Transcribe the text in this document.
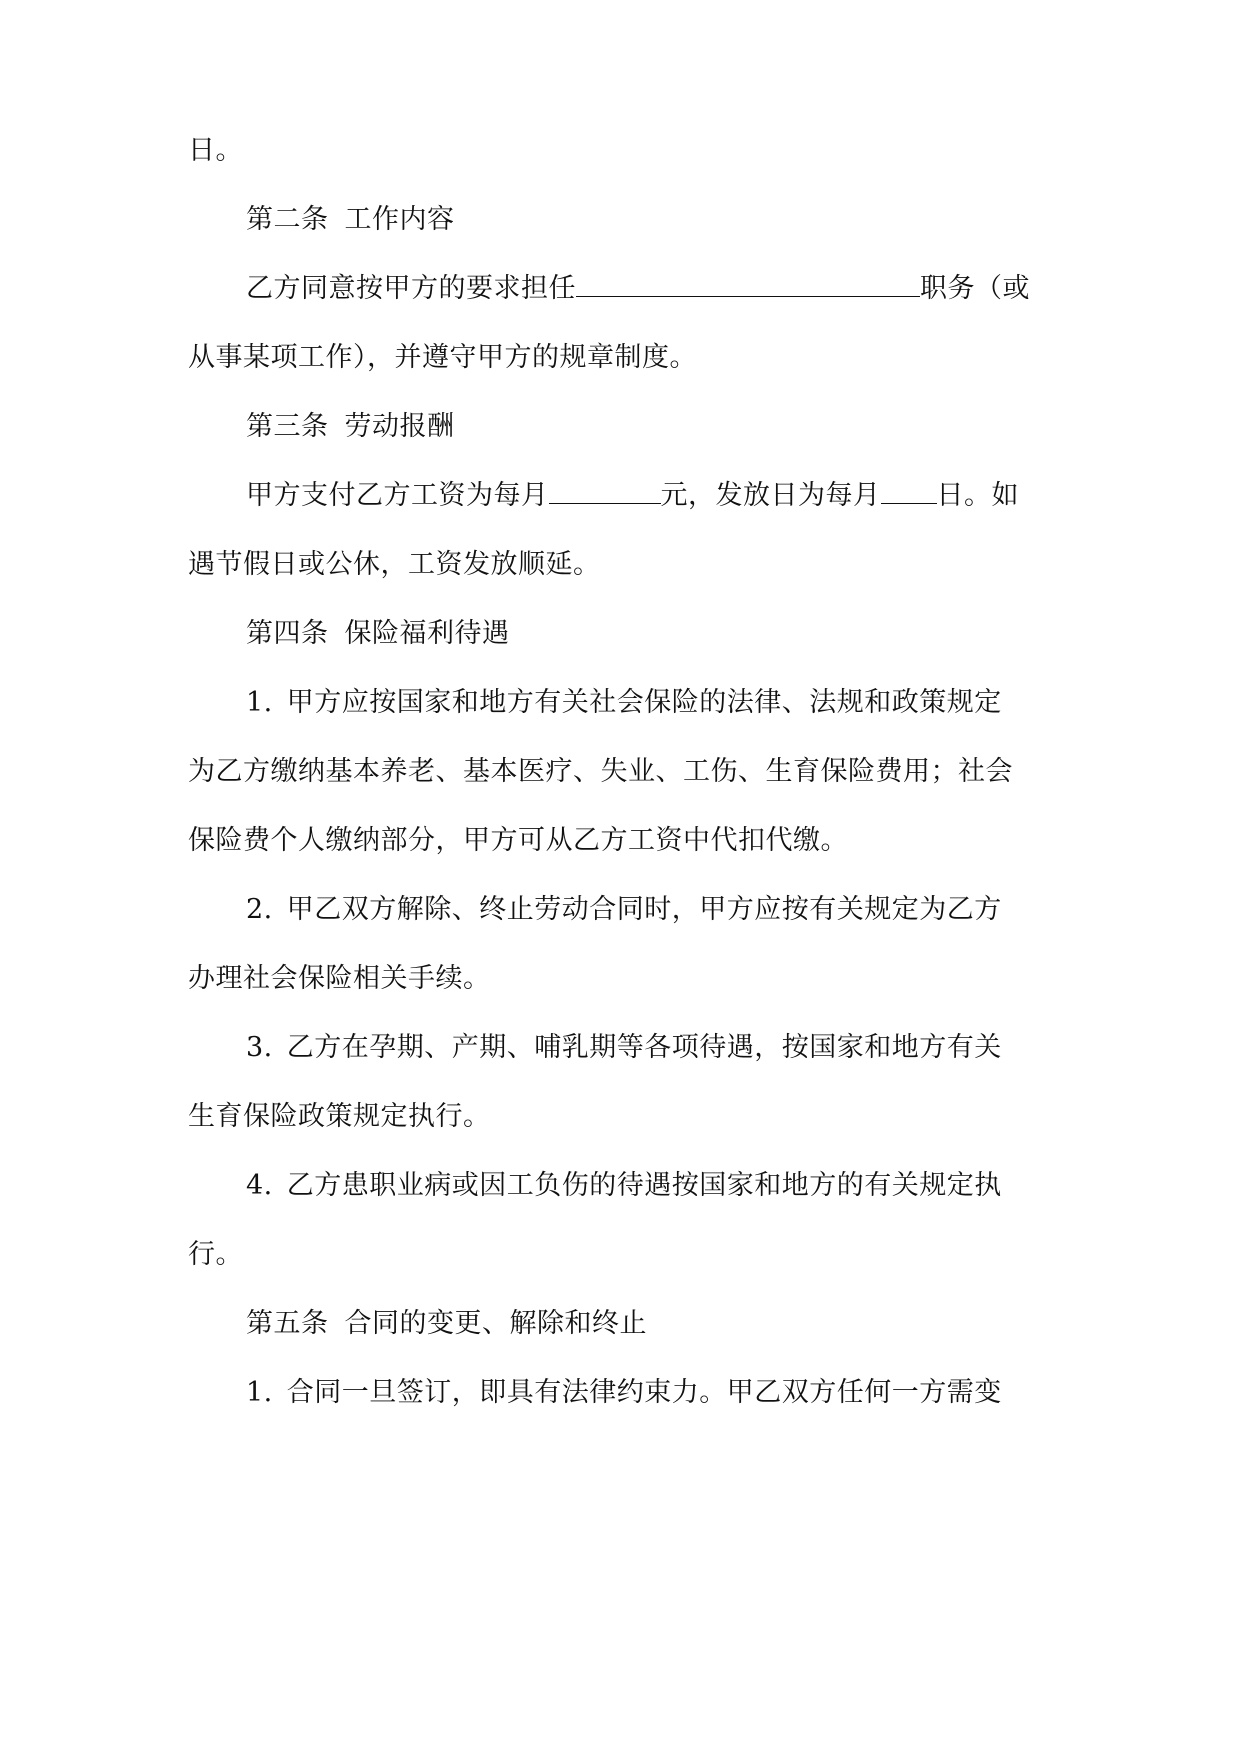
日。
第二条 工作内容
乙方同意按甲方的要求担任	职务（或
从事某项工作），并遵守甲方的规章制度。
第三条 劳动报酬
甲方支付乙方工资为每月	元，发放日为每月 日。如
遇节假日或公休，工资发放顺延。
第四条 保险福利待遇
1. 甲方应按国家和地方有关社会保险的法律、法规和政策规定
为乙方缴纳基本养老、基本医疗、失业、工伤、生育保险费用；社会
保险费个人缴纳部分，甲方可从乙方工资中代扣代缴。
2. 甲乙双方解除、终止劳动合同时，甲方应按有关规定为乙方
办理社会保险相关手续。
3. 乙方在孕期、产期、哺乳期等各项待遇，按国家和地方有关
生育保险政策规定执行。
4. 乙方患职业病或因工负伤的待遇按国家和地方的有关规定执
行。
第五条 合同的变更、解除和终止
1. 合同一旦签订，即具有法律约束力。甲乙双方任何一方需变
